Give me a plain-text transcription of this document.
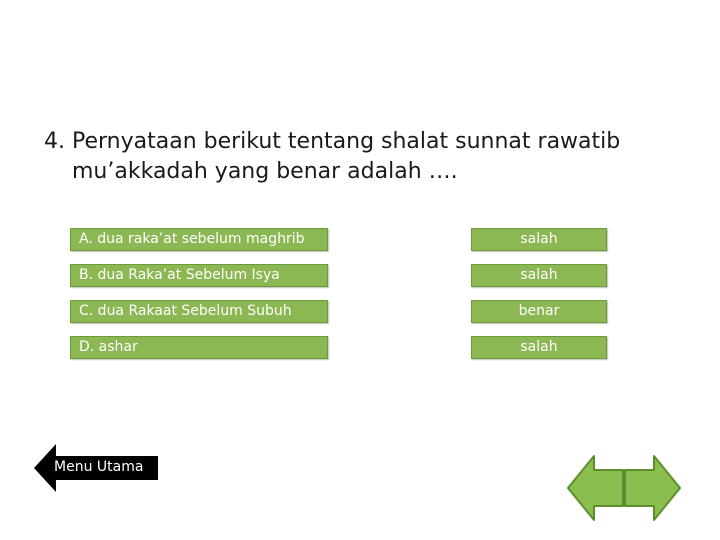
4. Pernyataan berikut tentang shalat sunnat rawatib mu’akkadah yang benar adalah ….
A. dua raka’at sebelum maghrib	salah
B. dua Raka’at Sebelum Isya	salah
C. dua Rakaat Sebelum Subuh	benar
D. ashar	salah
Menu Utama
